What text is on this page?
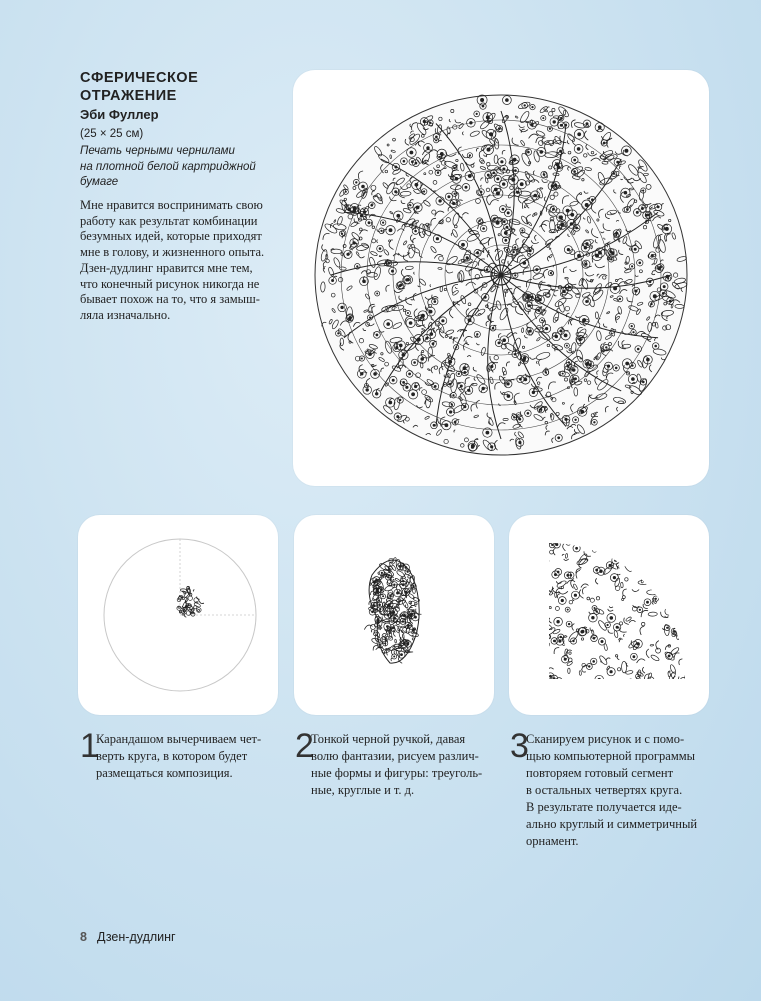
СФЕРИЧЕСКОЕ
ОТРАЖЕНИЕ
Эби Фуллер
(25 × 25 см)
Печать черными чернилами
на плотной белой картриджной
бумаге
Мне нравится воспринимать свою
работу как результат комбинации
безумных идей, которые приходят
мне в голову, и жизненного опыта.
Дзен-дудлинг нравится мне тем,
что конечный рисунок никогда не
бывает похож на то, что я замыш-
ляла изначально.
1
Карандашом вычерчиваем чет-
верть круга, в котором будет
размещаться композиция.
2
Тонкой черной ручкой, давая
волю фантазии, рисуем различ-
ные формы и фигуры: треуголь-
ные, круглые и т. д.
3
Сканируем рисунок и с помо-
щью компьютерной программы
повторяем готовый сегмент
в остальных четвертях круга.
В результате получается иде-
ально круглый и симметричный
орнамент.
8 Дзен-дудлинг
